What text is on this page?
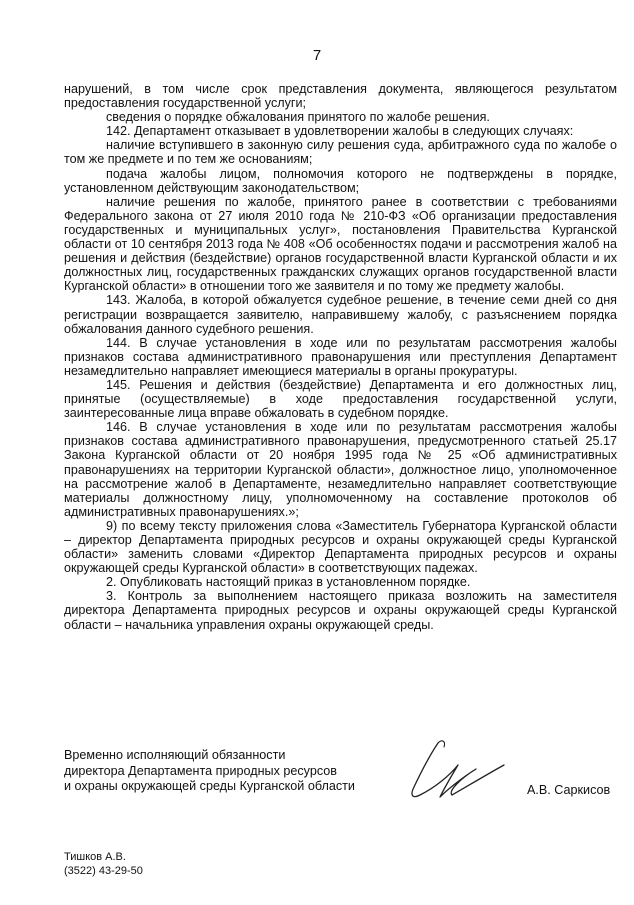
7

нарушений, в том числе срок представления документа, являющегося результатом предоставления государственной услуги;

сведения о порядке обжалования принятого по жалобе решения.

142. Департамент отказывает в удовлетворении жалобы в следующих случаях:

наличие вступившего в законную силу решения суда, арбитражного суда по жалобе о том же предмете и по тем же основаниям;

подача жалобы лицом, полномочия которого не подтверждены в порядке, установленном действующим законодательством;

наличие решения по жалобе, принятого ранее в соответствии с требованиями Федерального закона от 27 июля 2010 года № 210-ФЗ «Об организации предоставления государственных и муниципальных услуг», постановления Правительства Курганской области от 10 сентября 2013 года № 408 «Об особенностях подачи и рассмотрения жалоб на решения и действия (бездействие) органов государственной власти Курганской области и их должностных лиц, государственных гражданских служащих органов государственной власти Курганской области» в отношении того же заявителя и по тому же предмету жалобы.

143. Жалоба, в которой обжалуется судебное решение, в течение семи дней со дня регистрации возвращается заявителю, направившему жалобу, с разъяснением порядка обжалования данного судебного решения.

144. В случае установления в ходе или по результатам рассмотрения жалобы признаков состава административного правонарушения или преступления Департамент незамедлительно направляет имеющиеся материалы в органы прокуратуры.

145. Решения и действия (бездействие) Департамента и его должностных лиц, принятые (осуществляемые) в ходе предоставления государственной услуги, заинтересованные лица вправе обжаловать в судебном порядке.

146. В случае установления в ходе или по результатам рассмотрения жалобы признаков состава административного правонарушения, предусмотренного статьей 25.17 Закона Курганской области от 20 ноября 1995 года № 25 «Об административных правонарушениях на территории Курганской области», должностное лицо, уполномоченное на рассмотрение жалоб в Департаменте, незамедлительно направляет соответствующие материалы должностному лицу, уполномоченному на составление протоколов об административных правонарушениях.»;

9) по всему тексту приложения слова «Заместитель Губернатора Курганской области – директор Департамента природных ресурсов и охраны окружающей среды Курганской области» заменить словами «Директор Департамента природных ресурсов и охраны окружающей среды Курганской области» в соответствующих падежах.

2. Опубликовать настоящий приказ в установленном порядке.

3. Контроль за выполнением настоящего приказа возложить на заместителя директора Департамента природных ресурсов и охраны окружающей среды Курганской области – начальника управления охраны окружающей среды.

Временно исполняющий обязанности
директора Департамента природных ресурсов
и охраны окружающей среды Курганской области	А.В. Саркисов
Тишков А.В.
(3522) 43-29-50
